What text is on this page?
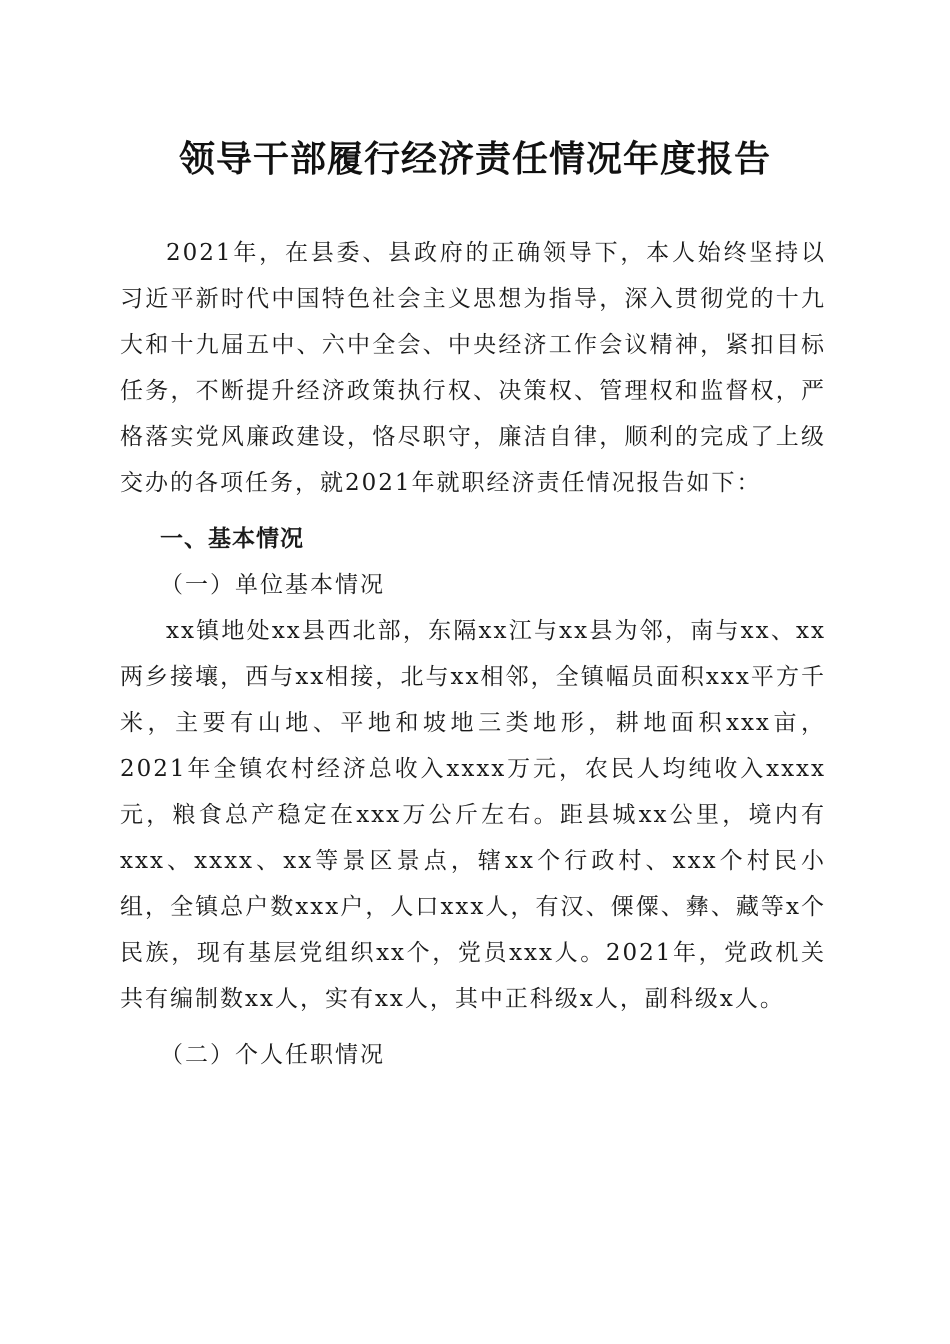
领导干部履行经济责任情况年度报告

2021年，在县委、县政府的正确领导下，本人始终坚持以习近平新时代中国特色社会主义思想为指导，深入贯彻党的十九大和十九届五中、六中全会、中央经济工作会议精神，紧扣目标任务，不断提升经济政策执行权、决策权、管理权和监督权，严格落实党风廉政建设，恪尽职守，廉洁自律，顺利的完成了上级交办的各项任务，就2021年就职经济责任情况报告如下：

一、基本情况

（一）单位基本情况

xx镇地处xx县西北部，东隔xx江与xx县为邻，南与xx、xx两乡接壤，西与xx相接，北与xx相邻，全镇幅员面积xxx平方千米，主要有山地、平地和坡地三类地形，耕地面积xxx亩，2021年全镇农村经济总收入xxxx万元，农民人均纯收入xxxx元，粮食总产稳定在xxx万公斤左右。距县城xx公里，境内有xxx、xxxx、xx等景区景点，辖xx个行政村、xxx个村民小组，全镇总户数xxx户，人口xxx人，有汉、傈僳、彝、藏等x个民族，现有基层党组织xx个，党员xxx人。2021年，党政机关共有编制数xx人，实有xx人，其中正科级x人，副科级x人。

（二）个人任职情况
